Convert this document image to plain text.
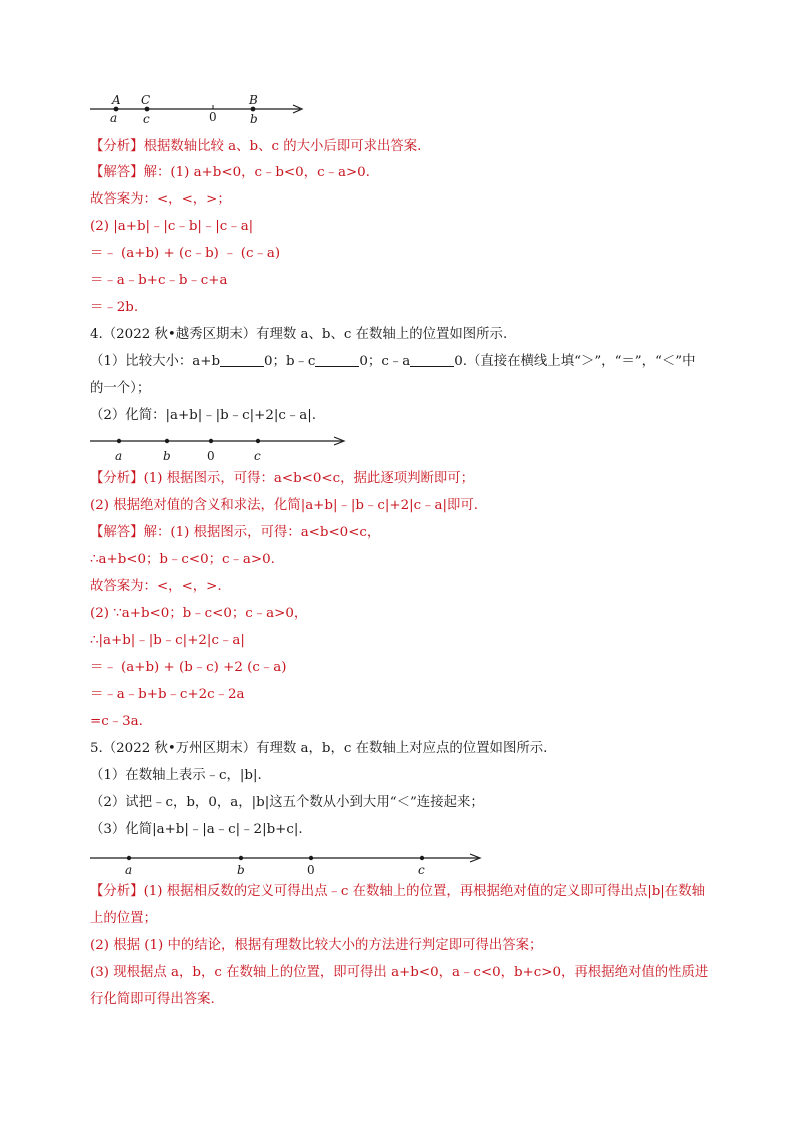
A C	B
a c	0	b
【分析】根据数轴比较 a、b、c 的大小后即可求出答案.
【解答】解：(1) a+b<0，c﹣b<0，c﹣a>0.
故答案为：<，<，>；
(2) |a+b|﹣|c﹣b|﹣|c﹣a|
＝﹣ (a+b) + (c﹣b) ﹣ (c﹣a)
＝﹣a﹣b+c﹣b﹣c+a
＝﹣2b.
4.（2022 秋•越秀区期末）有理数 a、b、c 在数轴上的位置如图所示.
（1）比较大小：a+b	0；b﹣c	0；c﹣a	0.（直接在横线上填“＞”，“＝”，“＜”中
的一个）；
（2）化简：|a+b|﹣|b﹣c|+2|c﹣a|.
a	b	0	c
【分析】(1) 根据图示，可得：a<b<0<c，据此逐项判断即可；
(2) 根据绝对值的含义和求法，化简|a+b|﹣|b﹣c|+2|c﹣a|即可.
【解答】解：(1) 根据图示，可得：a<b<0<c，
∴a+b<0；b﹣c<0；c﹣a>0.
故答案为：<，<，>.
(2) ∵a+b<0；b﹣c<0；c﹣a>0，
∴|a+b|﹣|b﹣c|+2|c﹣a|
＝﹣ (a+b) + (b﹣c) +2 (c﹣a)
＝﹣a﹣b+b﹣c+2c﹣2a
=c﹣3a.
5.（2022 秋•万州区期末）有理数 a，b，c 在数轴上对应点的位置如图所示.
（1）在数轴上表示﹣c，|b|.
（2）试把﹣c，b，0，a，|b|这五个数从小到大用“＜”连接起来；
（3）化简|a+b|﹣|a﹣c|﹣2|b+c|.
a	b	0	c
【分析】(1) 根据相反数的定义可得出点﹣c 在数轴上的位置，再根据绝对值的定义即可得出点|b|在数轴
上的位置；
(2) 根据 (1) 中的结论，根据有理数比较大小的方法进行判定即可得出答案；
(3) 现根据点 a，b，c 在数轴上的位置，即可得出 a+b<0，a﹣c<0，b+c>0，再根据绝对值的性质进
行化简即可得出答案.
